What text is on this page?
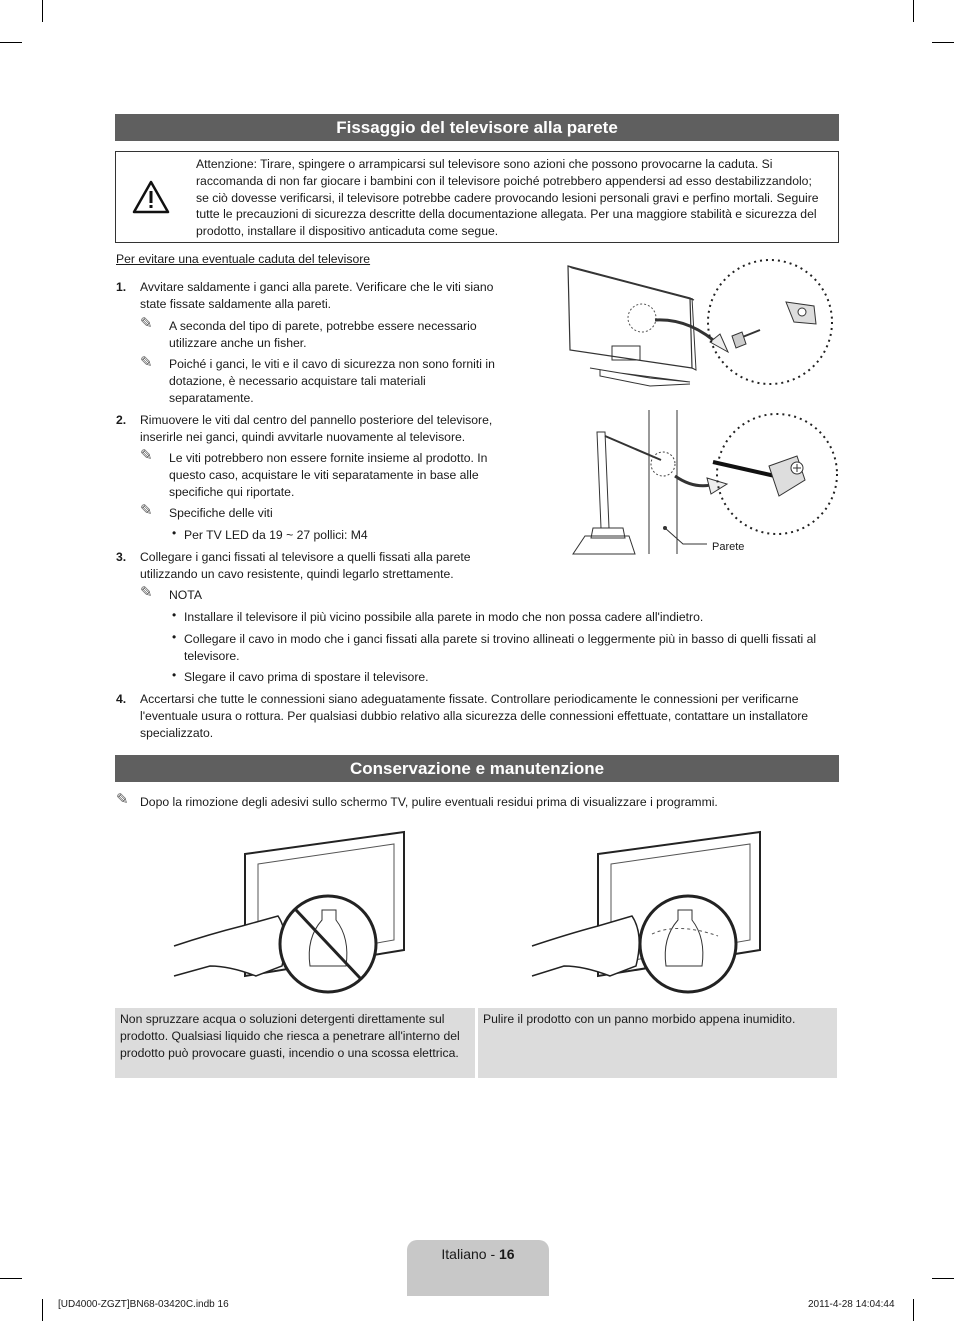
Fissaggio del televisore alla parete
Attenzione: Tirare, spingere o arrampicarsi sul televisore sono azioni che possono provocarne la caduta. Si raccomanda di non far giocare i bambini con il televisore poiché potrebbero appendersi ad esso destabilizzandolo; se ciò dovesse verificarsi, il televisore potrebbe cadere provocando lesioni personali gravi e perfino mortali. Seguire tutte le precauzioni di sicurezza descritte della documentazione allegata. Per una maggiore stabilità e sicurezza del prodotto, installare il dispositivo anticaduta come segue.
Per evitare una eventuale caduta del televisore
1. Avvitare saldamente i ganci alla parete. Verificare che le viti siano state fissate saldamente alla pareti.
✎ A seconda del tipo di parete, potrebbe essere necessario utilizzare anche un fisher.
✎ Poiché i ganci, le viti e il cavo di sicurezza non sono forniti in dotazione, è necessario acquistare tali materiali separatamente.
2. Rimuovere le viti dal centro del pannello posteriore del televisore, inserirle nei ganci, quindi avvitarle nuovamente al televisore.
✎ Le viti potrebbero non essere fornite insieme al prodotto. In questo caso, acquistare le viti separatamente in base alle specifiche qui riportate.
✎ Specifiche delle viti
• Per TV LED da 19 ~ 27 pollici: M4
3. Collegare i ganci fissati al televisore a quelli fissati alla parete utilizzando un cavo resistente, quindi legarlo strettamente.
✎ NOTA
• Installare il televisore il più vicino possibile alla parete in modo che non possa cadere all'indietro.
• Collegare il cavo in modo che i ganci fissati alla parete si trovino allineati o leggermente più in basso di quelli fissati al televisore.
• Slegare il cavo prima di spostare il televisore.
4. Accertarsi che tutte le connessioni siano adeguatamente fissate. Controllare periodicamente le connessioni per verificarne l'eventuale usura o rottura. Per qualsiasi dubbio relativo alla sicurezza delle connessioni effettuate, contattare un installatore specializzato.
Parete
Conservazione e manutenzione
✎ Dopo la rimozione degli adesivi sullo schermo TV, pulire eventuali residui prima di visualizzare i programmi.
Non spruzzare acqua o soluzioni detergenti direttamente sul prodotto. Qualsiasi liquido che riesca a penetrare all'interno del prodotto può provocare guasti, incendio o una scossa elettrica.
Pulire il prodotto con un panno morbido appena inumidito.
Italiano - 16
[UD4000-ZGZT]BN68-03420C.indb 16	2011-4-28 14:04:44
